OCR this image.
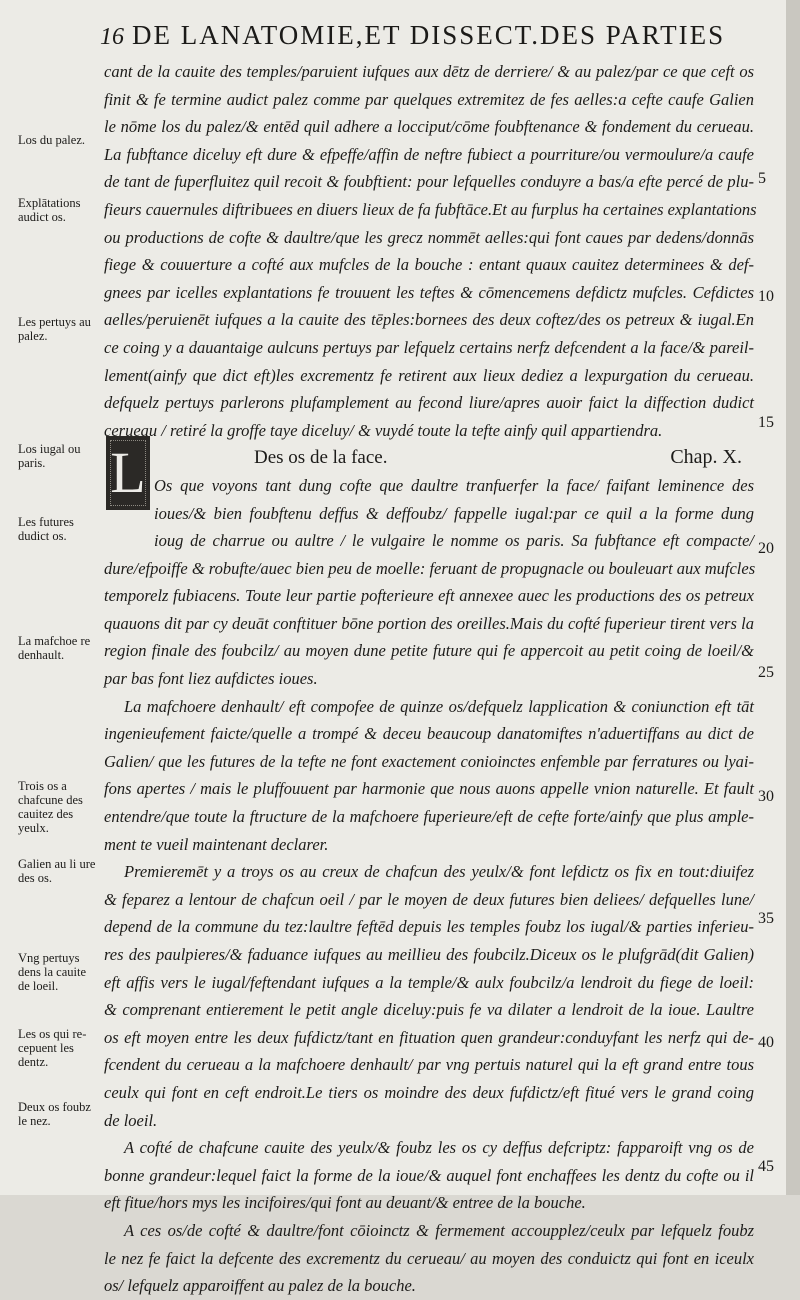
16 DE LANATOMIE,ET DISSECT.DES PARTIES
Los du palez.
Explātations audict os.
Les pertuys au palez.
Los iugal ou paris.
Les futures dudict os.
La mafchoe re denhault.
Trois os a chafcune des cauitez des yeulx.
Galien au li ure des os.
Vng pertuys dens la cauite de loeil.
Les os qui re- cepuent les dentz.
Deux os foubz le nez.
5
10
15
20
25
30
35
40
45
L
cant de la cauite des temples/paruient iufques aux dētz de derriere/ & au palez/par ce que ceft os
finit & fe termine audict palez comme par quelques extremitez de fes aelles:a cefte caufe Galien
le nōme los du palez/& entēd quil adhere a locciput/cōme foubftenance & fondement du cerueau.
La fubftance diceluy eft dure & efpeffe/affin de neftre fubiect a pourriture/ou vermoulure/a caufe
de tant de fuperfluitez quil recoit & foubftient: pour lefquelles conduyre a bas/a efte percé de plu-
fieurs cauernules diftribuees en diuers lieux de fa fubftāce.Et au furplus ha certaines explantations
ou productions de cofte & daultre/que les grecz nommēt aelles:qui font caues par dedens/donnās
fiege & couuerture a cofté aux mufcles de la bouche : entant quaux cauitez determinees & def-
gnees par icelles explantations fe trouuent les teftes & cōmencemens defdictz mufcles. Cefdictes
aelles/peruienēt iufques a la cauite des tēples:bornees des deux coftez/des os petreux & iugal.En
ce coing y a dauantaige aulcuns pertuys par lefquelz certains nerfz defcendent a la face/& pareil-
lement(ainfy que dict eft)les excrementz fe retirent aux lieux dediez a lexpurgation du cerueau.
defquelz pertuys parlerons plufamplement au fecond liure/apres auoir faict la diffection dudict
cerueau / retiré la groffe taye diceluy/ & vuydé toute la tefte ainfy quil appartiendra.
Des os de la face.	Chap. X.
Os que voyons tant dung cofte que daultre tranfuerfer la face/ faifant leminence des
ioues/& bien foubftenu deffus & deffoubz/ fappelle iugal:par ce quil a la forme dung
ioug de charrue ou aultre / le vulgaire le nomme os paris. Sa fubftance eft compacte/
dure/efpoiffe & robufte/auec bien peu de moelle: feruant de propugnacle ou bouleuart aux mufcles
temporelz fubiacens. Toute leur partie pofterieure eft annexee auec les productions des os petreux
quauons dit par cy deuāt conftituer bōne portion des oreilles.Mais du cofté fuperieur tirent vers la
region finale des foubcilz/ au moyen dune petite future qui fe appercoit au petit coing de loeil/&
par bas font liez aufdictes ioues.
La mafchoere denhault/ eft compofee de quinze os/defquelz lapplication & coniunction eft tāt
ingenieufement faicte/quelle a trompé & deceu beaucoup danatomiftes n'aduertiffans au dict de
Galien/ que les futures de la tefte ne font exactement conioinctes enfemble par ferratures ou lyai-
fons apertes / mais le pluffouuent par harmonie que nous auons appelle vnion naturelle. Et fault
entendre/que toute la ftructure de la mafchoere fuperieure/eft de cefte forte/ainfy que plus ample-
ment te vueil maintenant declarer.
Premieremēt y a troys os au creux de chafcun des yeulx/& font lefdictz os fix en tout:diuifez
& feparez a lentour de chafcun oeil / par le moyen de deux futures bien deliees/ defquelles lune/
depend de la commune du tez:laultre feftēd depuis les temples foubz los iugal/& parties inferieu-
res des paulpieres/& faduance iufques au meillieu des foubcilz.Diceux os le plufgrād(dit Galien)
eft affis vers le iugal/feftendant iufques a la temple/& aulx foubcilz/a lendroit du fiege de loeil:
& comprenant entierement le petit angle diceluy:puis fe va dilater a lendroit de la ioue. Laultre
os eft moyen entre les deux fufdictz/tant en fituation quen grandeur:conduyfant les nerfz qui de-
fcendent du cerueau a la mafchoere denhault/ par vng pertuis naturel qui la eft grand entre tous
ceulx qui font en ceft endroit.Le tiers os moindre des deux fufdictz/eft fitué vers le grand coing
de loeil.
A cofté de chafcune cauite des yeulx/& foubz les os cy deffus defcriptz: fapparoift vng os de
bonne grandeur:lequel faict la forme de la ioue/& auquel font enchaffees les dentz du cofte ou il
eft fitue/hors mys les incifoires/qui font au deuant/& entree de la bouche.
A ces os/de cofté & daultre/font cōioinctz & fermement accoupplez/ceulx par lefquelz foubz
le nez fe faict la defcente des excrementz du cerueau/ au moyen des conduictz qui font en iceulx
os/ lefquelz apparoiffent au palez de la bouche.
